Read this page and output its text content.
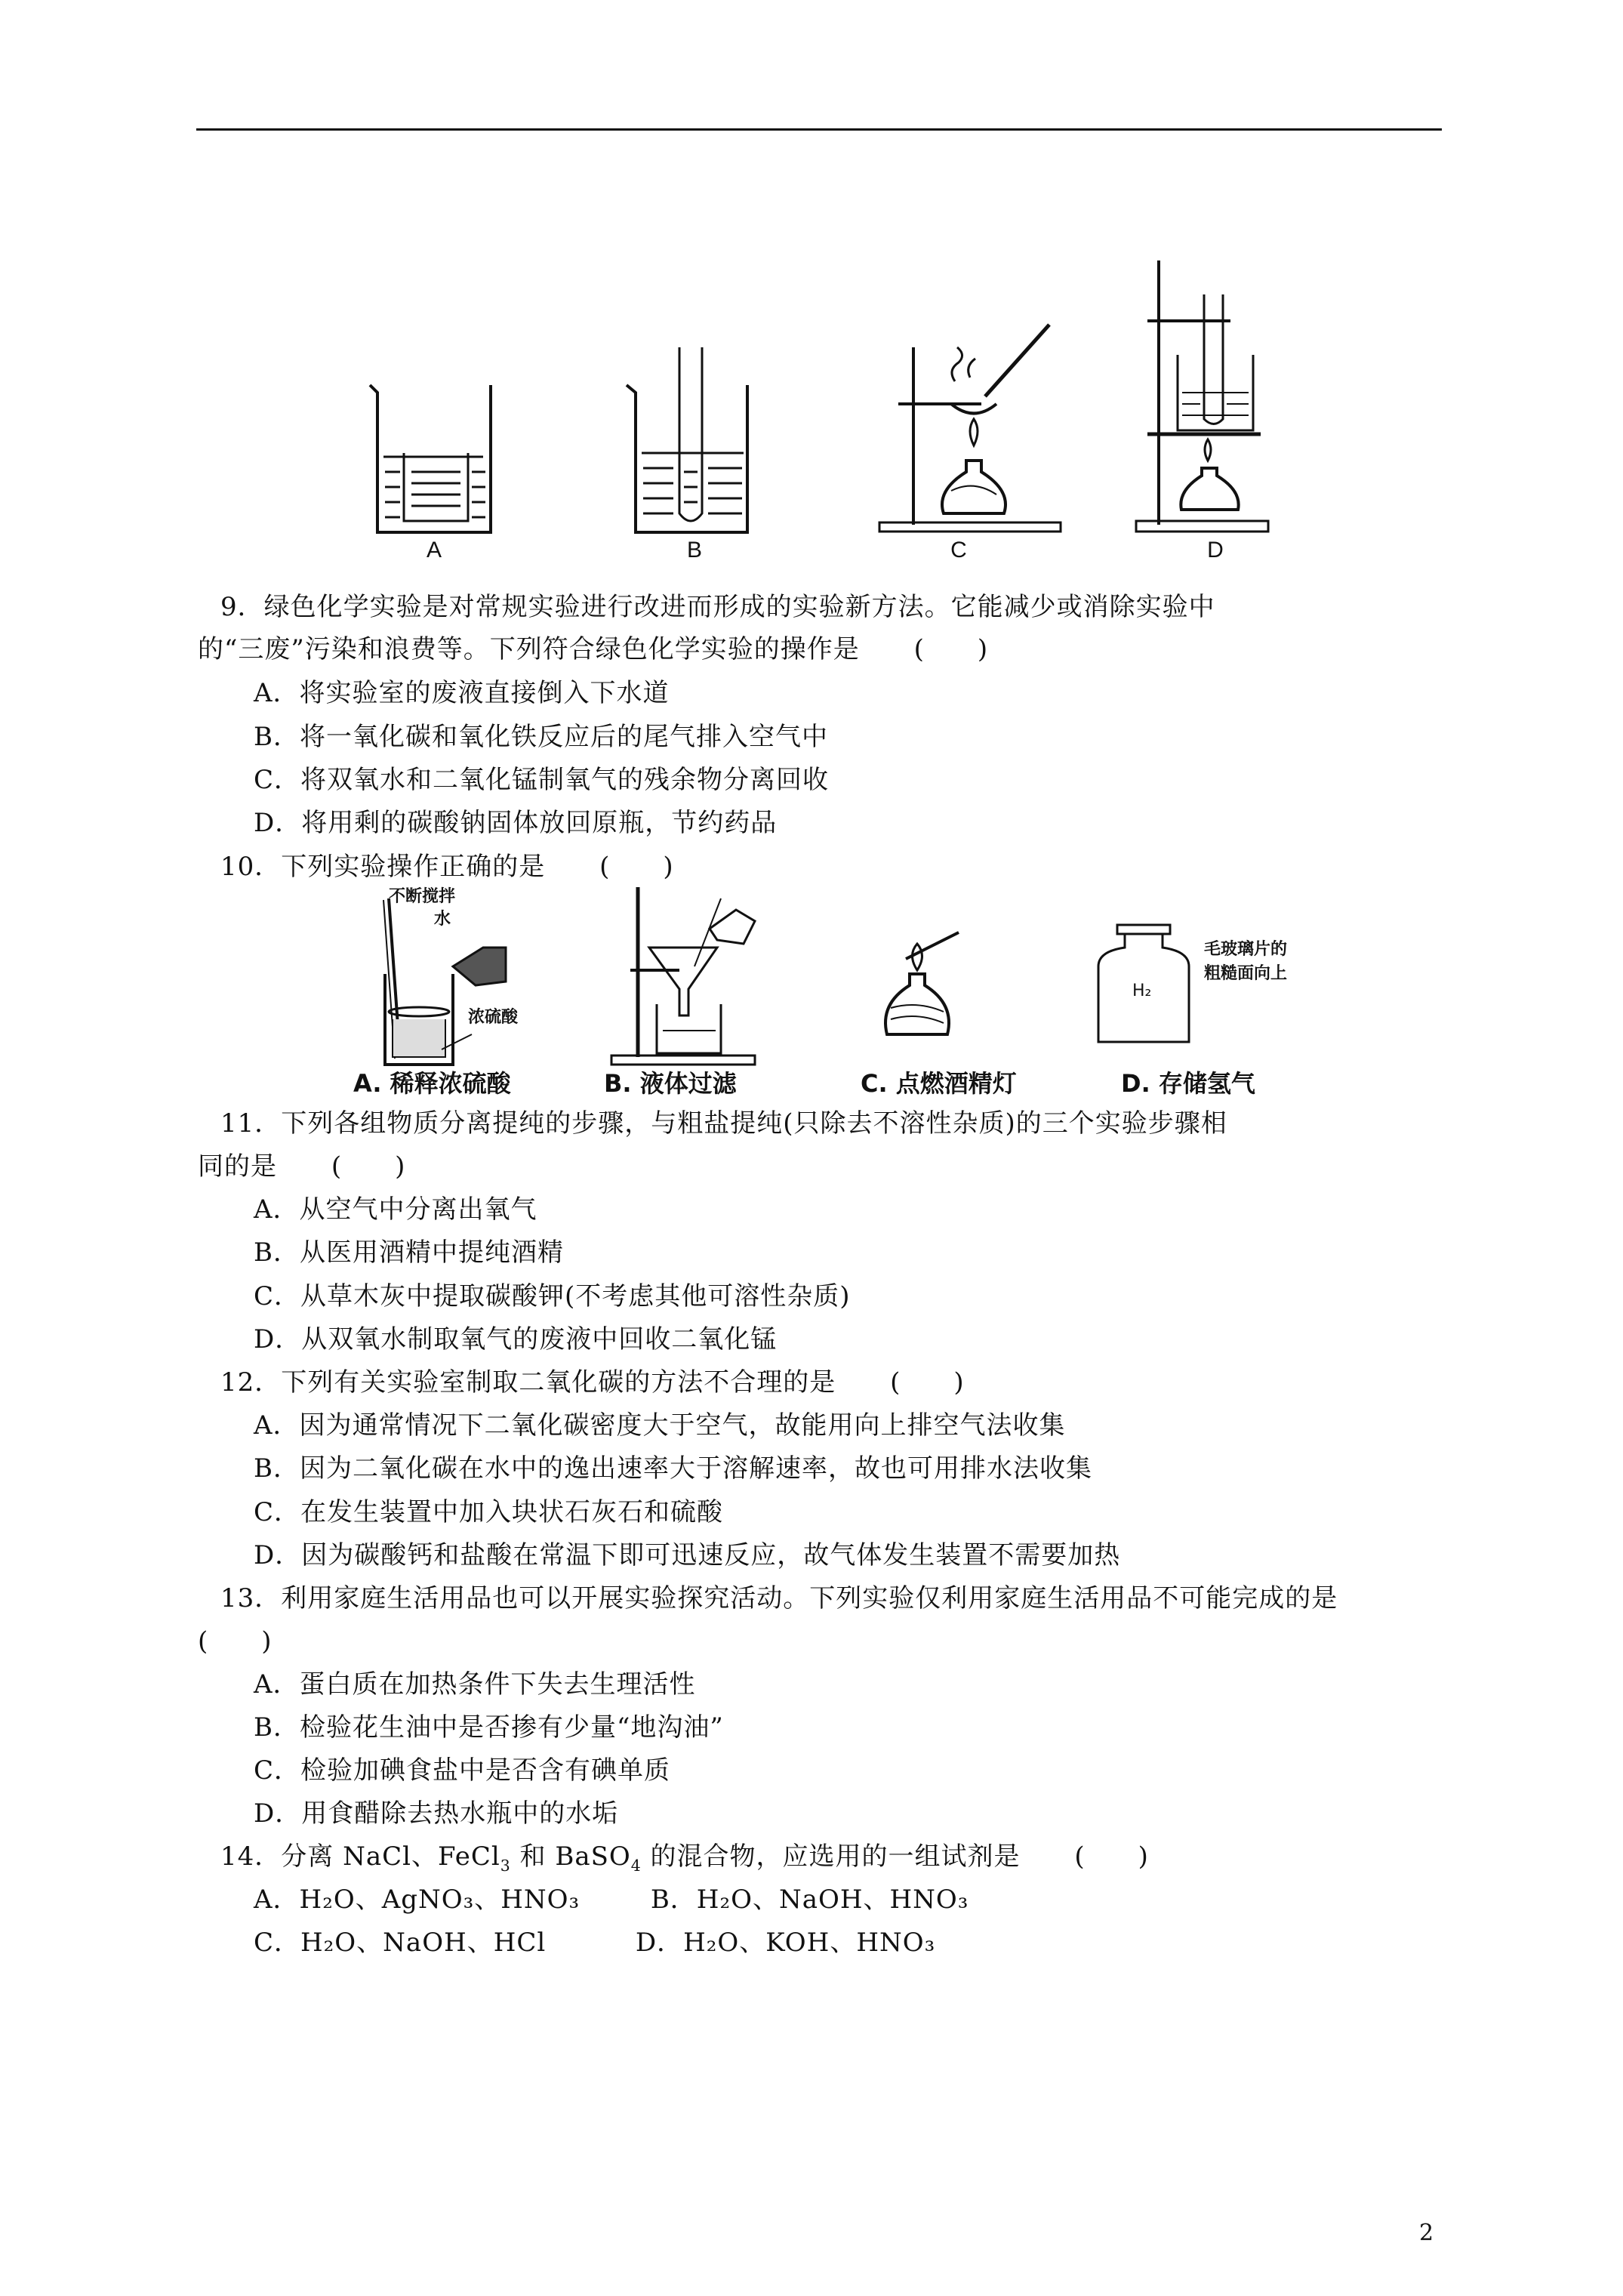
A	B	C	D
9．绿色化学实验是对常规实验进行改进而形成的实验新方法。它能减少或消除实验中
的“三废”污染和浪费等。下列符合绿色化学实验的操作是 (　　)
A．将实验室的废液直接倒入下水道
B．将一氧化碳和氧化铁反应后的尾气排入空气中
C．将双氧水和二氧化锰制氧气的残余物分离回收
D．将用剩的碳酸钠固体放回原瓶，节约药品
10．下列实验操作正确的是 (　　)
不断搅拌
水
浓硫酸
H₂
毛玻璃片的
粗糙面向上
A. 稀释浓硫酸	B. 液体过滤	C. 点燃酒精灯	D. 存储氢气
11．下列各组物质分离提纯的步骤，与粗盐提纯(只除去不溶性杂质)的三个实验步骤相
同的是 (　　)
A．从空气中分离出氧气
B．从医用酒精中提纯酒精
C．从草木灰中提取碳酸钾(不考虑其他可溶性杂质)
D．从双氧水制取氧气的废液中回收二氧化锰
12．下列有关实验室制取二氧化碳的方法不合理的是 (　　)
A．因为通常情况下二氧化碳密度大于空气，故能用向上排空气法收集
B．因为二氧化碳在水中的逸出速率大于溶解速率，故也可用排水法收集
C．在发生装置中加入块状石灰石和硫酸
D．因为碳酸钙和盐酸在常温下即可迅速反应，故气体发生装置不需要加热
13．利用家庭生活用品也可以开展实验探究活动。下列实验仅利用家庭生活用品不可能完成的是
(　　)
A．蛋白质在加热条件下失去生理活性
B．检验花生油中是否掺有少量“地沟油”
C．检验加碘食盐中是否含有碘单质
D．用食醋除去热水瓶中的水垢
14．分离 NaCl、FeCl$_3$ 和 BaSO$_4$ 的混合物，应选用的一组试剂是 (　　)
A．H₂O、AgNO₃、HNO₃	B．H₂O、NaOH、HNO₃
C．H₂O、NaOH、HCl	D．H₂O、KOH、HNO₃
2
